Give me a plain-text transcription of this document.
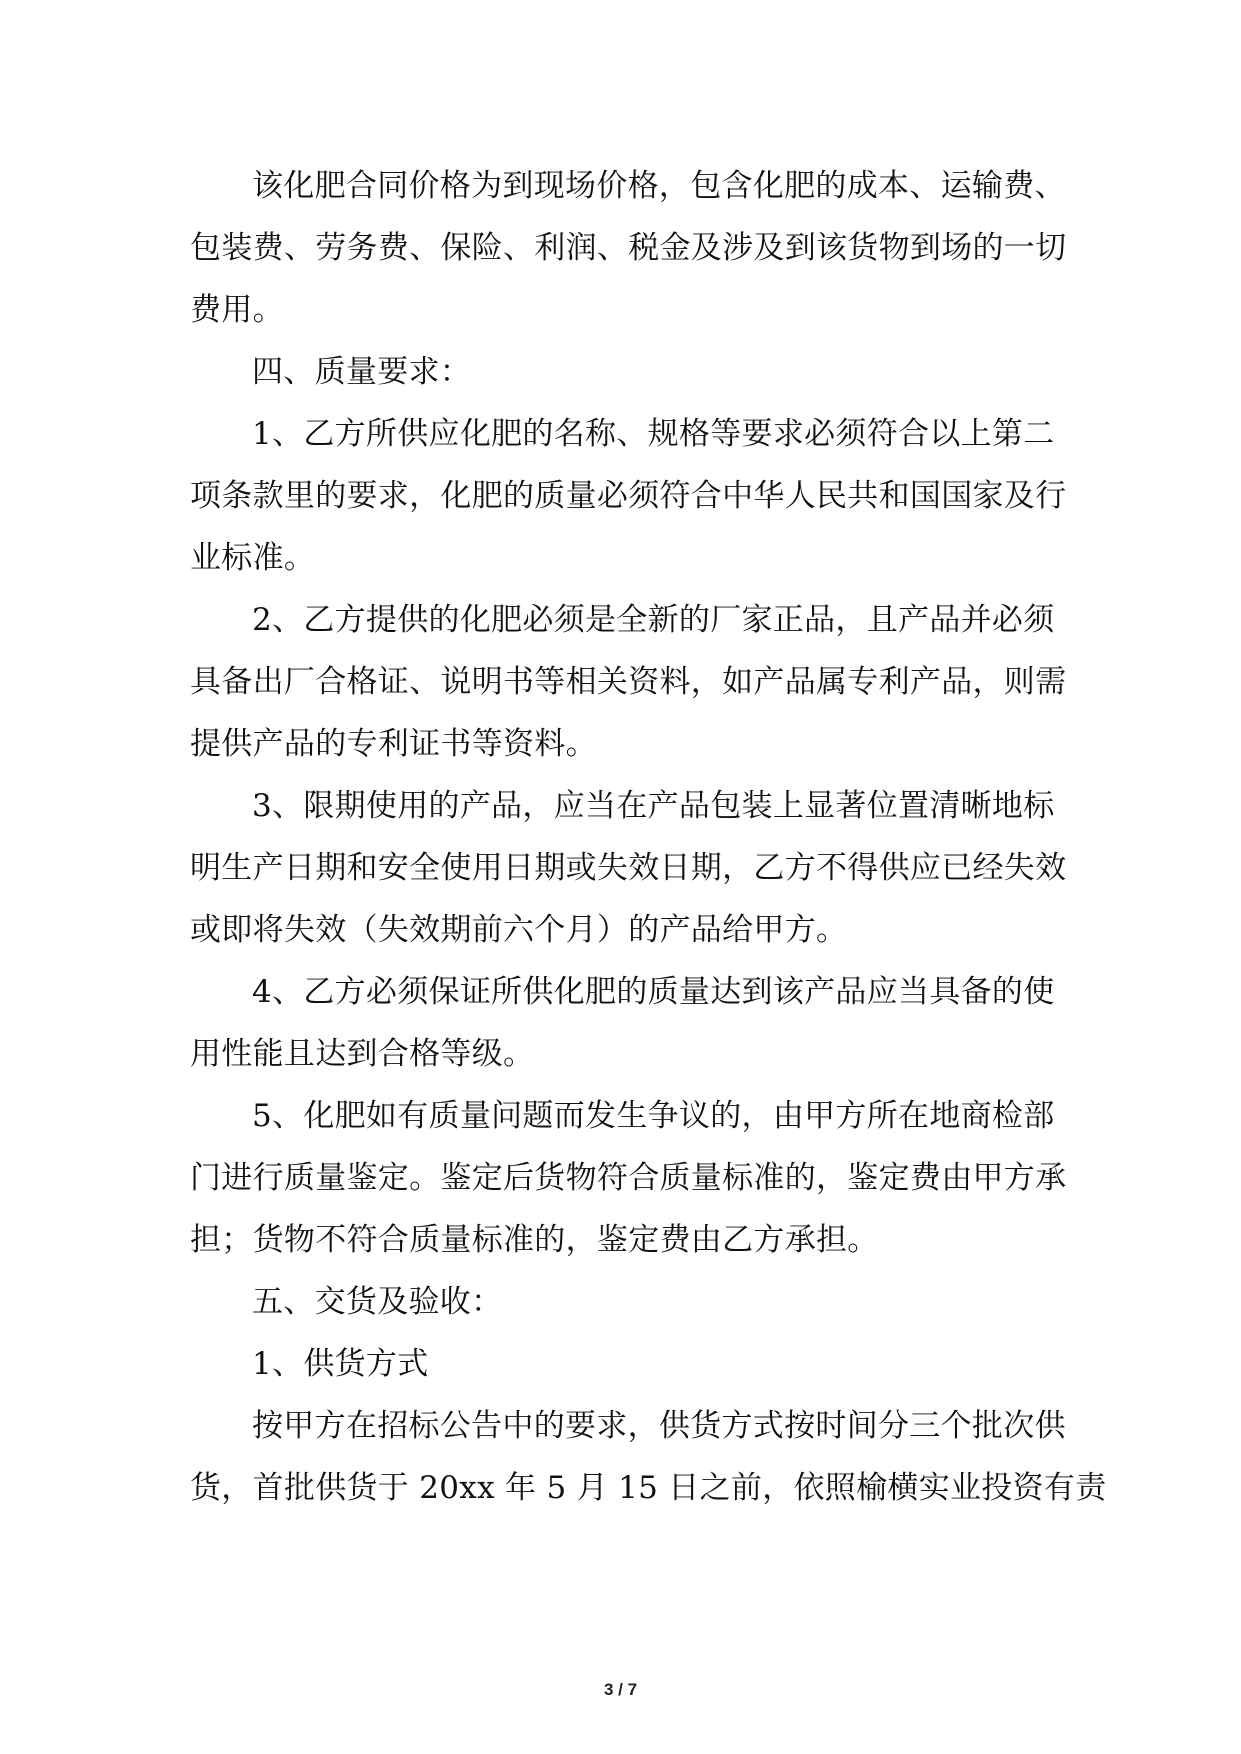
该化肥合同价格为到现场价格，包含化肥的成本、运输费、
包装费、劳务费、保险、利润、税金及涉及到该货物到场的一切
费用。
四、质量要求：
1、乙方所供应化肥的名称、规格等要求必须符合以上第二
项条款里的要求，化肥的质量必须符合中华人民共和国国家及行
业标准。
2、乙方提供的化肥必须是全新的厂家正品，且产品并必须
具备出厂合格证、说明书等相关资料，如产品属专利产品，则需
提供产品的专利证书等资料。
3、限期使用的产品，应当在产品包装上显著位置清晰地标
明生产日期和安全使用日期或失效日期，乙方不得供应已经失效
或即将失效（失效期前六个月）的产品给甲方。
4、乙方必须保证所供化肥的质量达到该产品应当具备的使
用性能且达到合格等级。
5、化肥如有质量问题而发生争议的，由甲方所在地商检部
门进行质量鉴定。鉴定后货物符合质量标准的，鉴定费由甲方承
担；货物不符合质量标准的，鉴定费由乙方承担。
五、交货及验收：
1、供货方式
按甲方在招标公告中的要求，供货方式按时间分三个批次供
货，首批供货于 20xx 年 5 月 15 日之前，依照榆横实业投资有责
3 / 7
